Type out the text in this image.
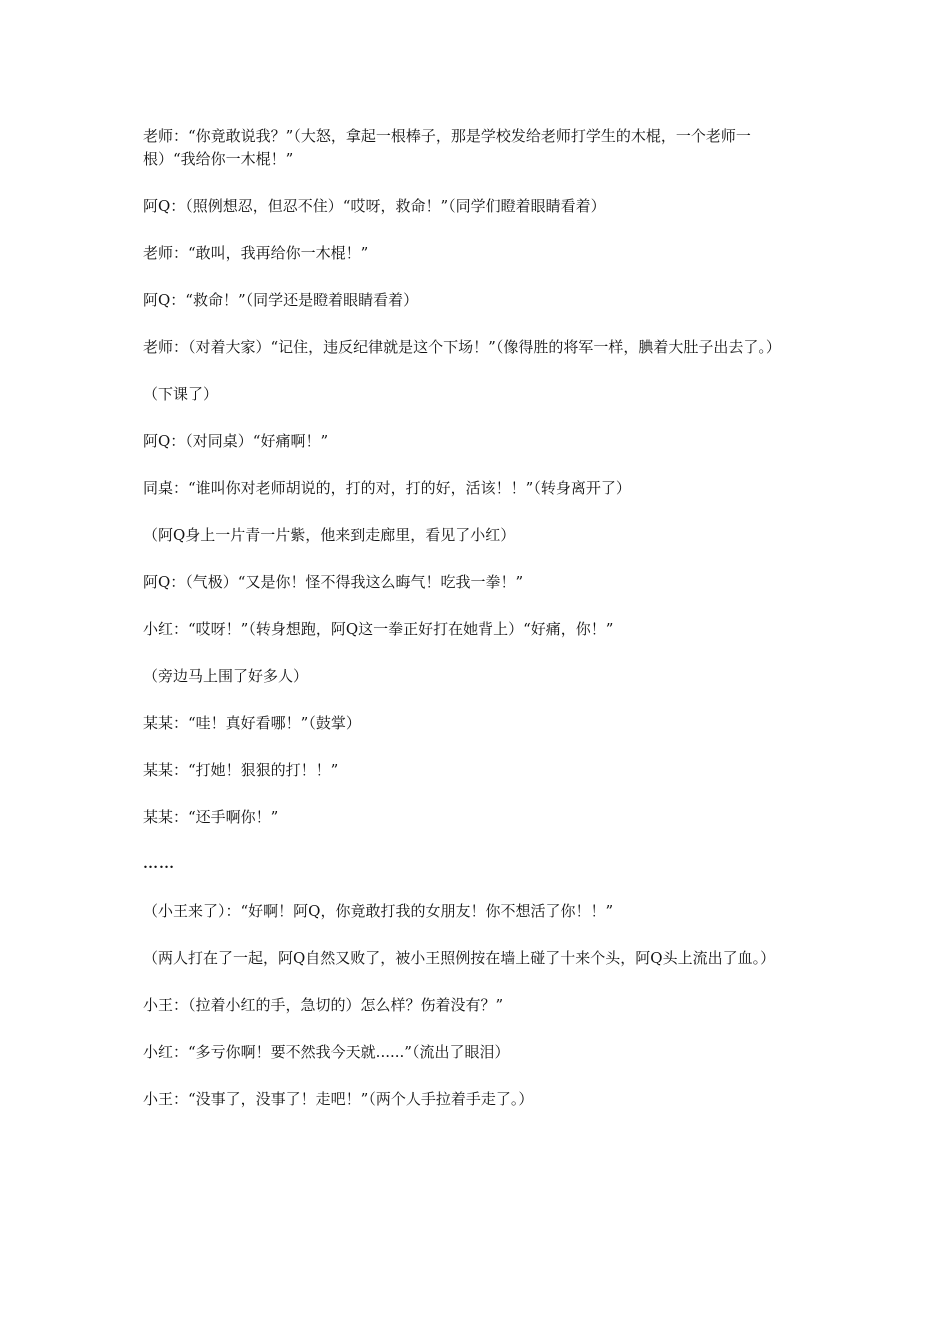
老师：“你竟敢说我？”（大怒，拿起一根棒子，那是学校发给老师打学生的木棍，一个老师一根）“我给你一木棍！”

阿Q：（照例想忍，但忍不住）“哎呀，救命！”（同学们瞪着眼睛看着）

老师：“敢叫，我再给你一木棍！”

阿Q：“救命！”（同学还是瞪着眼睛看着）

老师：（对着大家）“记住，违反纪律就是这个下场！”（像得胜的将军一样，腆着大肚子出去了。）

（下课了）

阿Q：（对同桌）“好痛啊！”

同桌：“谁叫你对老师胡说的，打的对，打的好，活该！！”（转身离开了）

（阿Q身上一片青一片紫，他来到走廊里，看见了小红）

阿Q：（气极）“又是你！怪不得我这么晦气！吃我一拳！”

小红：“哎呀！”（转身想跑，阿Q这一拳正好打在她背上）“好痛，你！”

（旁边马上围了好多人）

某某：“哇！真好看哪！”（鼓掌）

某某：“打她！狠狠的打！！”

某某：“还手啊你！”

……

（小王来了）：“好啊！阿Q，你竟敢打我的女朋友！你不想活了你！！”

（两人打在了一起，阿Q自然又败了，被小王照例按在墙上碰了十来个头，阿Q头上流出了血。）

小王：（拉着小红的手，急切的）怎么样？伤着没有？”

小红：“多亏你啊！要不然我今天就......”（流出了眼泪）

小王：“没事了，没事了！走吧！”（两个人手拉着手走了。）
